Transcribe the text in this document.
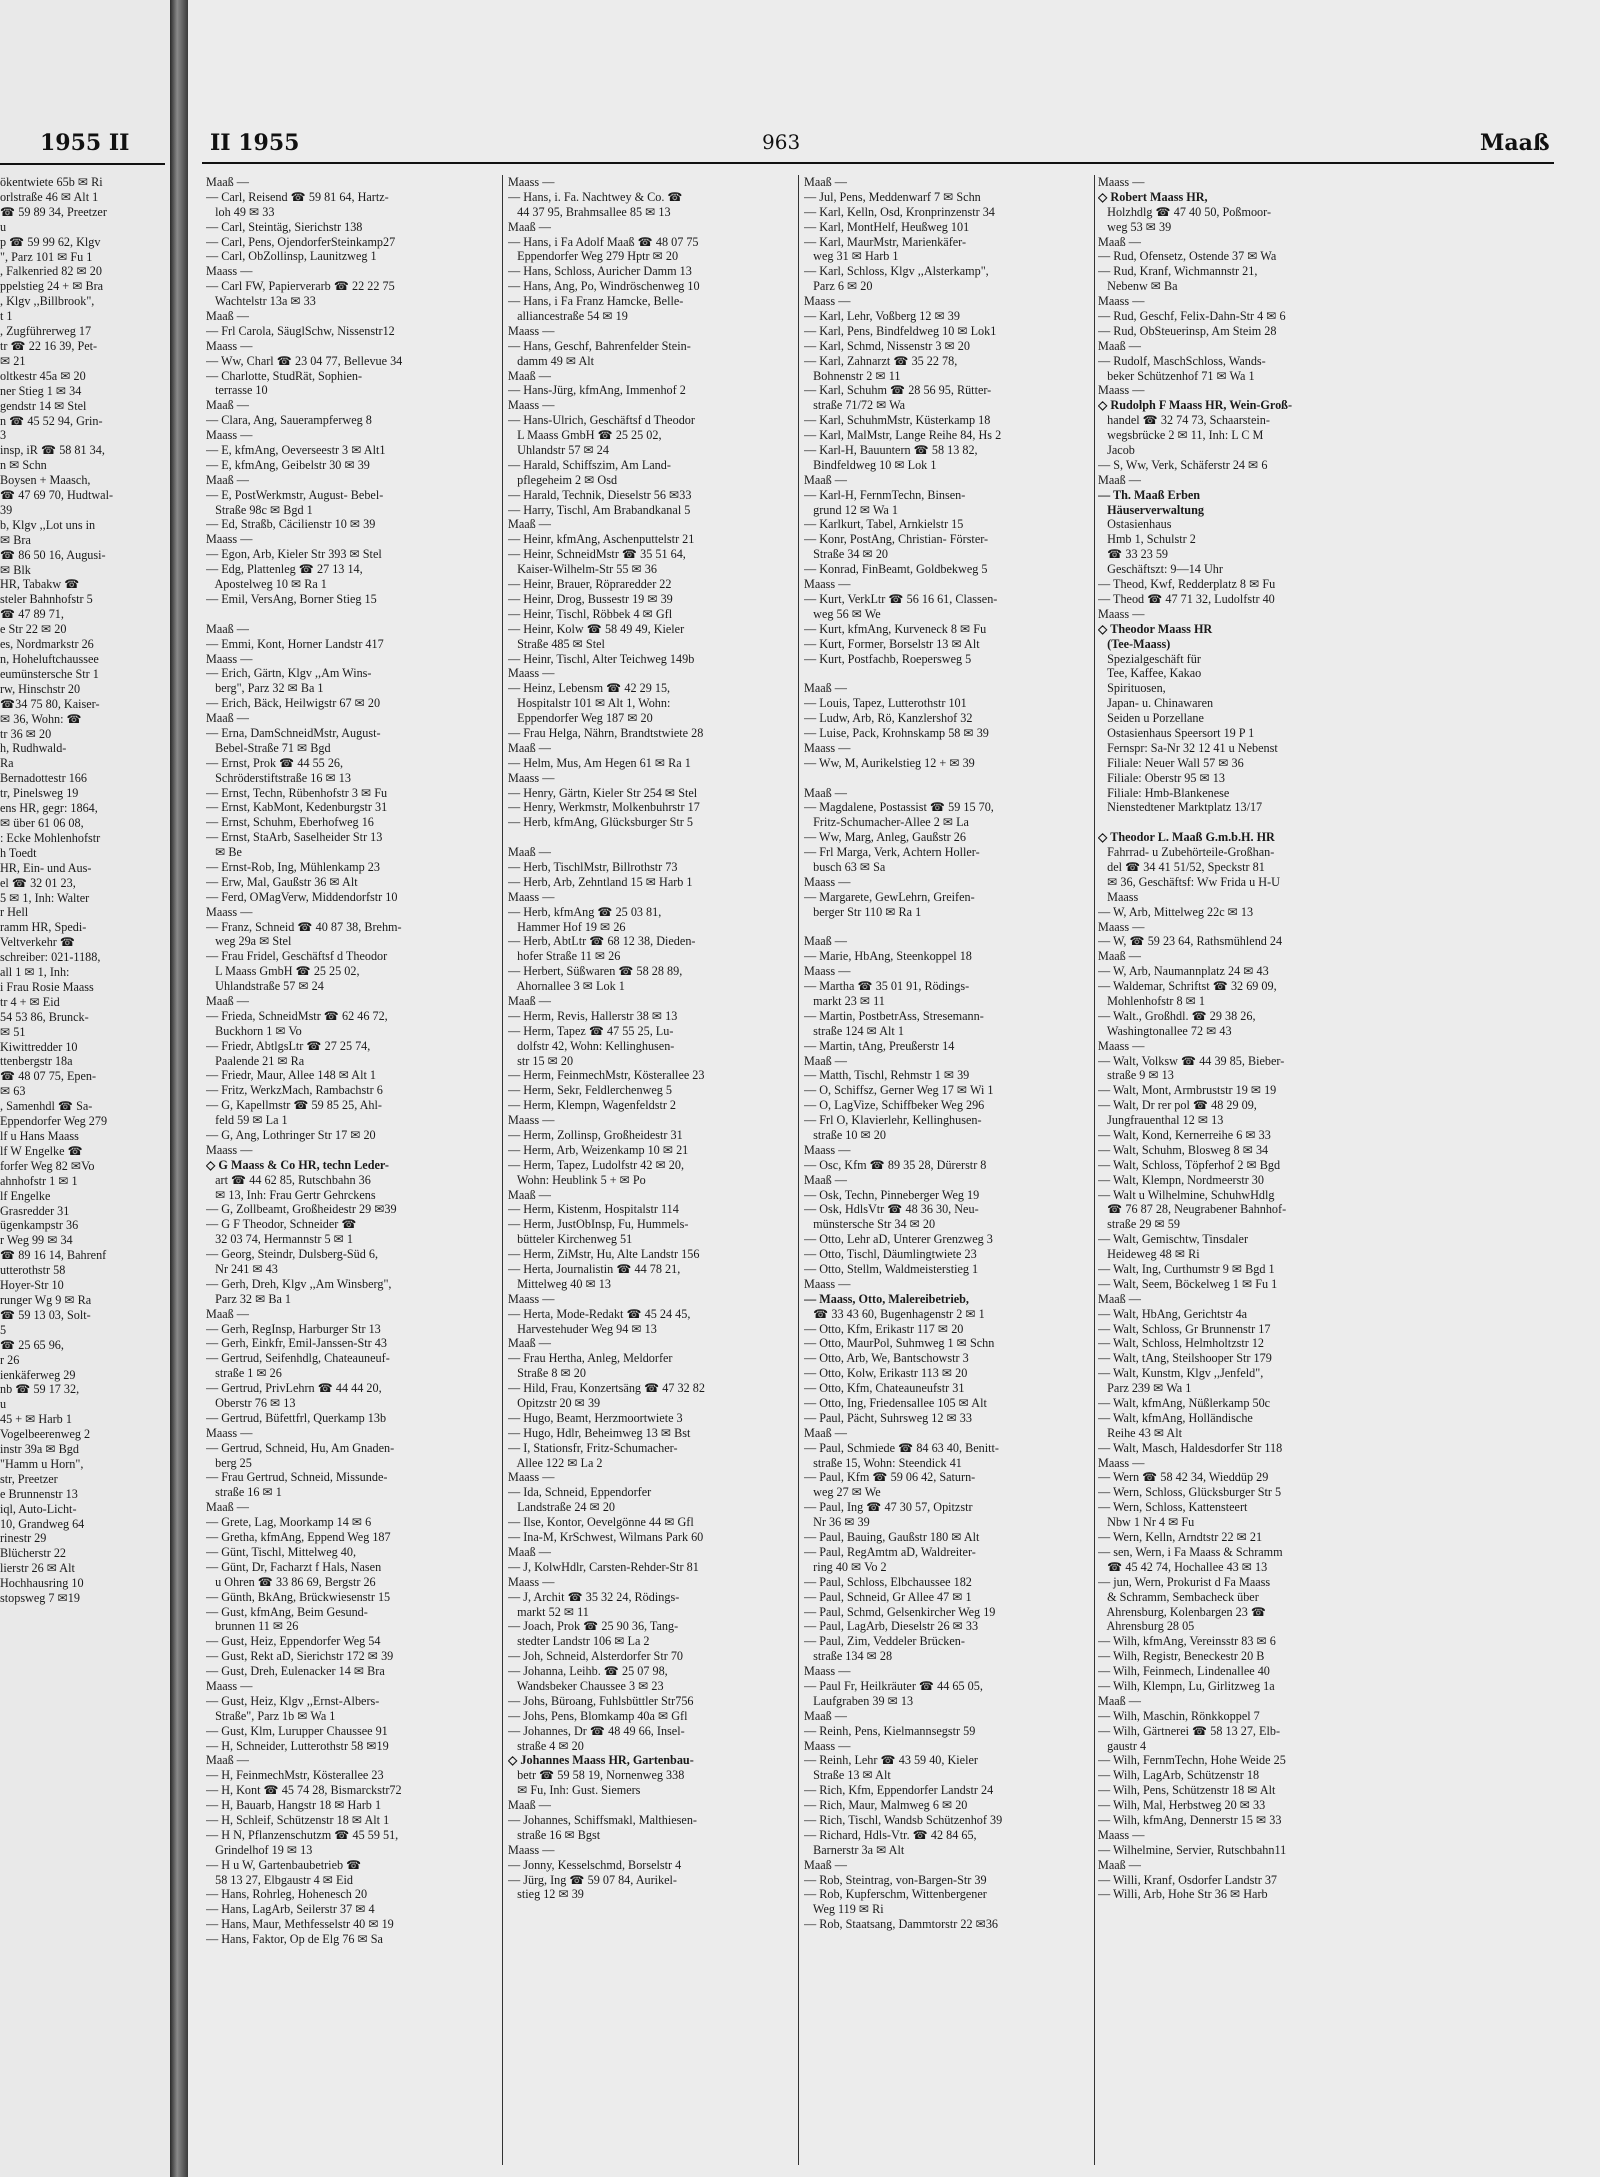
1955 II
ökentwiete 65b ✉ Ri
orlstraße 46 ✉ Alt 1
☎ 59 89 34, Preetzer
u
p ☎ 59 99 62, Klgv
", Parz 101 ✉ Fu 1
, Falkenried 82 ✉ 20
ppelstieg 24 + ✉ Bra
, Klgv ,,Billbrook",
t 1
, Zugführerweg 17
tr ☎ 22 16 39, Pet-
✉ 21
oltkestr 45a ✉ 20
ner Stieg 1 ✉ 34
gendstr 14 ✉ Stel
n ☎ 45 52 94, Grin-
3
insp, iR ☎ 58 81 34,
n ✉ Schn
Boysen + Maasch,
☎ 47 69 70, Hudtwal-
39
b, Klgv ,,Lot uns in
✉ Bra
☎ 86 50 16, Augusi-
✉ Blk
HR, Tabakw ☎
steler Bahnhofstr 5
☎ 47 89 71,
e Str 22 ✉ 20
es, Nordmarkstr 26
n, Hoheluftchaussee
eumünstersche Str 1
rw, Hinschstr 20
☎34 75 80, Kaiser-
✉ 36, Wohn: ☎
tr 36 ✉ 20
h, Rudhwald-
Ra
Bernadottestr 166
tr, Pinelsweg 19
ens HR, gegr: 1864,
✉ über 61 06 08,
: Ecke Mohlenhofstr
h Toedt
HR, Ein- und Aus-
el ☎ 32 01 23,
5 ✉ 1, Inh: Walter
r Hell
ramm HR, Spedi-
Veltverkehr ☎
schreiber: 021-1188,
all 1 ✉ 1, Inh:
i Frau Rosie Maass
tr 4 + ✉ Eid
54 53 86, Brunck-
✉ 51
Kiwittredder 10
ttenbergstr 18a
☎ 48 07 75, Epen-
✉ 63
, Samenhdl ☎ Sa-
Eppendorfer Weg 279
lf u Hans Maass
lf W Engelke ☎
forfer Weg 82 ✉Vo
ahnhofstr 1 ✉ 1
lf Engelke
Grasredder 31
ügenkampstr 36
r Weg 99 ✉ 34
☎ 89 16 14, Bahrenf
utterothstr 58
Hoyer-Str 10
runger Wg 9 ✉ Ra
☎ 59 13 03, Solt-
5
☎ 25 65 96,
r 26
ienkäferweg 29
nb ☎ 59 17 32,
u
45 + ✉ Harb 1
Vogelbeerenweg 2
instr 39a ✉ Bgd
"Hamm u Horn",
str, Preetzer
e Brunnenstr 13
iql, Auto-Licht-
10, Grandweg 64
rinestr 29
Blücherstr 22
lierstr 26 ✉ Alt
Hochhausring 10
stopsweg 7 ✉19
II 1955	963	Maaß
Maaß —
— Carl, Reisend ☎ 59 81 64, Hartz-
loh 49 ✉ 33
— Carl, Steintäg, Sierichstr 138
— Carl, Pens, OjendorferSteinkamp27
— Carl, ObZollinsp, Launitzweg 1
Maass —
— Carl FW, Papierverarb ☎ 22 22 75
Wachtelstr 13a ✉ 33
Maaß —
— Frl Carola, SäuglSchw, Nissenstr12
Maass —
— Ww, Charl ☎ 23 04 77, Bellevue 34
— Charlotte, StudRät, Sophien-
terrasse 10
Maaß —
— Clara, Ang, Sauerampferweg 8
Maass —
— E, kfmAng, Oeverseestr 3 ✉ Alt1
— E, kfmAng, Geibelstr 30 ✉ 39
Maaß —
— E, PostWerkmstr, August- Bebel-
Straße 98c ✉ Bgd 1
— Ed, Straßb, Cäcilienstr 10 ✉ 39
Maass —
— Egon, Arb, Kieler Str 393 ✉ Stel
— Edg, Plattenleg ☎ 27 13 14,
Apostelweg 10 ✉ Ra 1
— Emil, VersAng, Borner Stieg 15
Maaß —
— Emmi, Kont, Horner Landstr 417
Maass —
— Erich, Gärtn, Klgv ,,Am Wins-
berg", Parz 32 ✉ Ba 1
— Erich, Bäck, Heilwigstr 67 ✉ 20
Maaß —
— Erna, DamSchneidMstr, August-
Bebel-Straße 71 ✉ Bgd
— Ernst, Prok ☎ 44 55 26,
Schröderstiftstraße 16 ✉ 13
— Ernst, Techn, Rübenhofstr 3 ✉ Fu
— Ernst, KabMont, Kedenburgstr 31
— Ernst, Schuhm, Eberhofweg 16
— Ernst, StaArb, Saselheider Str 13
✉ Be
— Ernst-Rob, Ing, Mühlenkamp 23
— Erw, Mal, Gaußstr 36 ✉ Alt
— Ferd, OMagVerw, Middendorfstr 10
Maass —
— Franz, Schneid ☎ 40 87 38, Brehm-
weg 29a ✉ Stel
— Frau Fridel, Geschäftsf d Theodor
L Maass GmbH ☎ 25 25 02,
Uhlandstraße 57 ✉ 24
Maaß —
— Frieda, SchneidMstr ☎ 62 46 72,
Buckhorn 1 ✉ Vo
— Friedr, AbtlgsLtr ☎ 27 25 74,
Paalende 21 ✉ Ra
— Friedr, Maur, Allee 148 ✉ Alt 1
— Fritz, WerkzMach, Rambachstr 6
— G, Kapellmstr ☎ 59 85 25, Ahl-
feld 59 ✉ La 1
— G, Ang, Lothringer Str 17 ✉ 20
Maass —
◇ G Maass & Co HR, techn Leder-
art ☎ 44 62 85, Rutschbahn 36
✉ 13, Inh: Frau Gertr Gehrckens
— G, Zollbeamt, Großheidestr 29 ✉39
— G F Theodor, Schneider ☎
32 03 74, Hermannstr 5 ✉ 1
— Georg, Steindr, Dulsberg-Süd 6,
Nr 241 ✉ 43
— Gerh, Dreh, Klgv ,,Am Winsberg",
Parz 32 ✉ Ba 1
Maaß —
— Gerh, RegInsp, Harburger Str 13
— Gerh, Einkfr, Emil-Janssen-Str 43
— Gertrud, Seifenhdlg, Chateauneuf-
straße 1 ✉ 26
— Gertrud, PrivLehrn ☎ 44 44 20,
Oberstr 76 ✉ 13
— Gertrud, Büfettfrl, Querkamp 13b
Maass —
— Gertrud, Schneid, Hu, Am Gnaden-
berg 25
— Frau Gertrud, Schneid, Missunde-
straße 16 ✉ 1
Maaß —
— Grete, Lag, Moorkamp 14 ✉ 6
— Gretha, kfmAng, Eppend Weg 187
— Günt, Tischl, Mittelweg 40,
— Günt, Dr, Facharzt f Hals, Nasen
u Ohren ☎ 33 86 69, Bergstr 26
— Günth, BkAng, Brückwiesenstr 15
— Gust, kfmAng, Beim Gesund-
brunnen 11 ✉ 26
— Gust, Heiz, Eppendorfer Weg 54
— Gust, Rekt aD, Sierichstr 172 ✉ 39
— Gust, Dreh, Eulenacker 14 ✉ Bra
Maass —
— Gust, Heiz, Klgv ,,Ernst-Albers-
Straße", Parz 1b ✉ Wa 1
— Gust, Klm, Lurupper Chaussee 91
— H, Schneider, Lutterothstr 58 ✉19
Maaß —
— H, FeinmechMstr, Kösterallee 23
— H, Kont ☎ 45 74 28, Bismarckstr72
— H, Bauarb, Hangstr 18 ✉ Harb 1
— H, Schleif, Schützenstr 18 ✉ Alt 1
— H N, Pflanzenschutzm ☎ 45 59 51,
Grindelhof 19 ✉ 13
— H u W, Gartenbaubetrieb ☎
58 13 27, Elbgaustr 4 ✉ Eid
— Hans, Rohrleg, Hohenesch 20
— Hans, LagArb, Seilerstr 37 ✉ 4
— Hans, Maur, Methfesselstr 40 ✉ 19
— Hans, Faktor, Op de Elg 76 ✉ Sa
Maass —
— Hans, i. Fa. Nachtwey & Co. ☎
44 37 95, Brahmsallee 85 ✉ 13
Maaß —
— Hans, i Fa Adolf Maaß ☎ 48 07 75
Eppendorfer Weg 279 Hptr ✉ 20
— Hans, Schloss, Auricher Damm 13
— Hans, Ang, Po, Windröschenweg 10
— Hans, i Fa Franz Hamcke, Belle-
alliancestraße 54 ✉ 19
Maass —
— Hans, Geschf, Bahrenfelder Stein-
damm 49 ✉ Alt
Maaß —
— Hans-Jürg, kfmAng, Immenhof 2
Maass —
— Hans-Ulrich, Geschäftsf d Theodor
L Maass GmbH ☎ 25 25 02,
Uhlandstr 57 ✉ 24
— Harald, Schiffszim, Am Land-
pflegeheim 2 ✉ Osd
— Harald, Technik, Dieselstr 56 ✉33
— Harry, Tischl, Am Brabandkanal 5
Maaß —
— Heinr, kfmAng, Aschenputtelstr 21
— Heinr, SchneidMstr ☎ 35 51 64,
Kaiser-Wilhelm-Str 55 ✉ 36
— Heinr, Brauer, Röpraredder 22
— Heinr, Drog, Bussestr 19 ✉ 39
— Heinr, Tischl, Röbbek 4 ✉ Gfl
— Heinr, Kolw ☎ 58 49 49, Kieler
Straße 485 ✉ Stel
— Heinr, Tischl, Alter Teichweg 149b
Maass —
— Heinz, Lebensm ☎ 42 29 15,
Hospitalstr 101 ✉ Alt 1, Wohn:
Eppendorfer Weg 187 ✉ 20
— Frau Helga, Nährn, Brandtstwiete 28
Maaß —
— Helm, Mus, Am Hegen 61 ✉ Ra 1
Maass —
— Henry, Gärtn, Kieler Str 254 ✉ Stel
— Henry, Werkmstr, Molkenbuhrstr 17
— Herb, kfmAng, Glücksburger Str 5
Maaß —
— Herb, TischlMstr, Billrothstr 73
— Herb, Arb, Zehntland 15 ✉ Harb 1
Maass —
— Herb, kfmAng ☎ 25 03 81,
Hammer Hof 19 ✉ 26
— Herb, AbtLtr ☎ 68 12 38, Dieden-
hofer Straße 11 ✉ 26
— Herbert, Süßwaren ☎ 58 28 89,
Ahornallee 3 ✉ Lok 1
Maaß —
— Herm, Revis, Hallerstr 38 ✉ 13
— Herm, Tapez ☎ 47 55 25, Lu-
dolfstr 42, Wohn: Kellinghusen-
str 15 ✉ 20
— Herm, FeinmechMstr, Kösterallee 23
— Herm, Sekr, Feldlerchenweg 5
— Herm, Klempn, Wagenfeldstr 2
Maass —
— Herm, Zollinsp, Großheidestr 31
— Herm, Arb, Weizenkamp 10 ✉ 21
— Herm, Tapez, Ludolfstr 42 ✉ 20,
Wohn: Heublink 5 + ✉ Po
Maaß —
— Herm, Kistenm, Hospitalstr 114
— Herm, JustObInsp, Fu, Hummels-
bütteler Kirchenweg 51
— Herm, ZiMstr, Hu, Alte Landstr 156
— Herta, Journalistin ☎ 44 78 21,
Mittelweg 40 ✉ 13
Maass —
— Herta, Mode-Redakt ☎ 45 24 45,
Harvestehuder Weg 94 ✉ 13
Maaß —
— Frau Hertha, Anleg, Meldorfer
Straße 8 ✉ 20
— Hild, Frau, Konzertsäng ☎ 47 32 82
Opitzstr 20 ✉ 39
— Hugo, Beamt, Herzmoortwiete 3
— Hugo, Hdlr, Beheimweg 13 ✉ Bst
— I, Stationsfr, Fritz-Schumacher-
Allee 122 ✉ La 2
Maass —
— Ida, Schneid, Eppendorfer
Landstraße 24 ✉ 20
— Ilse, Kontor, Oevelgönne 44 ✉ Gfl
— Ina-M, KrSchwest, Wilmans Park 60
Maaß —
— J, KolwHdlr, Carsten-Rehder-Str 81
Maass —
— J, Archit ☎ 35 32 24, Rödings-
markt 52 ✉ 11
— Joach, Prok ☎ 25 90 36, Tang-
stedter Landstr 106 ✉ La 2
— Joh, Schneid, Alsterdorfer Str 70
— Johanna, Leihb. ☎ 25 07 98,
Wandsbeker Chaussee 3 ✉ 23
— Johs, Büroang, Fuhlsbüttler Str756
— Johs, Pens, Blomkamp 40a ✉ Gfl
— Johannes, Dr ☎ 48 49 66, Insel-
straße 4 ✉ 20
◇ Johannes Maass HR, Gartenbau-
betr ☎ 59 58 19, Nornenweg 338
✉ Fu, Inh: Gust. Siemers
Maaß —
— Johannes, Schiffsmakl, Malthiesen-
straße 16 ✉ Bgst
Maass —
— Jonny, Kesselschmd, Borselstr 4
— Jürg, Ing ☎ 59 07 84, Aurikel-
stieg 12 ✉ 39
Maaß —
— Jul, Pens, Meddenwarf 7 ✉ Schn
— Karl, Kelln, Osd, Kronprinzenstr 34
— Karl, MontHelf, Heußweg 101
— Karl, MaurMstr, Marienkäfer-
weg 31 ✉ Harb 1
— Karl, Schloss, Klgv ,,Alsterkamp",
Parz 6 ✉ 20
Maass —
— Karl, Lehr, Voßberg 12 ✉ 39
— Karl, Pens, Bindfeldweg 10 ✉ Lok1
— Karl, Schmd, Nissenstr 3 ✉ 20
— Karl, Zahnarzt ☎ 35 22 78,
Bohnenstr 2 ✉ 11
— Karl, Schuhm ☎ 28 56 95, Rütter-
straße 71/72 ✉ Wa
— Karl, SchuhmMstr, Küsterkamp 18
— Karl, MalMstr, Lange Reihe 84, Hs 2
— Karl-H, Bauuntern ☎ 58 13 82,
Bindfeldweg 10 ✉ Lok 1
Maaß —
— Karl-H, FernmTechn, Binsen-
grund 12 ✉ Wa 1
— Karlkurt, Tabel, Arnkielstr 15
— Konr, PostAng, Christian- Förster-
Straße 34 ✉ 20
— Konrad, FinBeamt, Goldbekweg 5
Maass —
— Kurt, VerkLtr ☎ 56 16 61, Classen-
weg 56 ✉ We
— Kurt, kfmAng, Kurveneck 8 ✉ Fu
— Kurt, Former, Borselstr 13 ✉ Alt
— Kurt, Postfachb, Roepersweg 5
Maaß —
— Louis, Tapez, Lutterothstr 101
— Ludw, Arb, Rö, Kanzlershof 32
— Luise, Pack, Krohnskamp 58 ✉ 39
Maass —
— Ww, M, Aurikelstieg 12 + ✉ 39
Maaß —
— Magdalene, Postassist ☎ 59 15 70,
Fritz-Schumacher-Allee 2 ✉ La
— Ww, Marg, Anleg, Gaußstr 26
— Frl Marga, Verk, Achtern Holler-
busch 63 ✉ Sa
Maass —
— Margarete, GewLehrn, Greifen-
berger Str 110 ✉ Ra 1
Maaß —
— Marie, HbAng, Steenkoppel 18
Maass —
— Martha ☎ 35 01 91, Rödings-
markt 23 ✉ 11
— Martin, PostbetrAss, Stresemann-
straße 124 ✉ Alt 1
— Martin, tAng, Preußerstr 14
Maaß —
— Matth, Tischl, Rehmstr 1 ✉ 39
— O, Schiffsz, Gerner Weg 17 ✉ Wi 1
— O, LagVize, Schiffbeker Weg 296
— Frl O, Klavierlehr, Kellinghusen-
straße 10 ✉ 20
Maass —
— Osc, Kfm ☎ 89 35 28, Dürerstr 8
Maaß —
— Osk, Techn, Pinneberger Weg 19
— Osk, HdlsVtr ☎ 48 36 30, Neu-
münstersche Str 34 ✉ 20
— Otto, Lehr aD, Unterer Grenzweg 3
— Otto, Tischl, Däumlingtwiete 23
— Otto, Stellm, Waldmeisterstieg 1
Maass —
— Maass, Otto, Malereibetrieb,
☎ 33 43 60, Bugenhagenstr 2 ✉ 1
— Otto, Kfm, Erikastr 117 ✉ 20
— Otto, MaurPol, Suhmweg 1 ✉ Schn
— Otto, Arb, We, Bantschowstr 3
— Otto, Kolw, Erikastr 113 ✉ 20
— Otto, Kfm, Chateauneufstr 31
— Otto, Ing, Friedensallee 105 ✉ Alt
— Paul, Pächt, Suhrsweg 12 ✉ 33
Maaß —
— Paul, Schmiede ☎ 84 63 40, Benitt-
straße 15, Wohn: Steendick 41
— Paul, Kfm ☎ 59 06 42, Saturn-
weg 27 ✉ We
— Paul, Ing ☎ 47 30 57, Opitzstr
Nr 36 ✉ 39
— Paul, Bauing, Gaußstr 180 ✉ Alt
— Paul, RegAmtm aD, Waldreiter-
ring 40 ✉ Vo 2
— Paul, Schloss, Elbchaussee 182
— Paul, Schneid, Gr Allee 47 ✉ 1
— Paul, Schmd, Gelsenkircher Weg 19
— Paul, LagArb, Dieselstr 26 ✉ 33
— Paul, Zim, Veddeler Brücken-
straße 134 ✉ 28
Maass —
— Paul Fr, Heilkräuter ☎ 44 65 05,
Laufgraben 39 ✉ 13
Maaß —
— Reinh, Pens, Kielmannsegstr 59
Maass —
— Reinh, Lehr ☎ 43 59 40, Kieler
Straße 13 ✉ Alt
— Rich, Kfm, Eppendorfer Landstr 24
— Rich, Maur, Malmweg 6 ✉ 20
— Rich, Tischl, Wandsb Schützenhof 39
— Richard, Hdls-Vtr. ☎ 42 84 65,
Barnerstr 3a ✉ Alt
Maaß —
— Rob, Steintrag, von-Bargen-Str 39
— Rob, Kupferschm, Wittenbergener
Weg 119 ✉ Ri
— Rob, Staatsang, Dammtorstr 22 ✉36
Maass —
◇ Robert Maass HR,
Holzhdlg ☎ 47 40 50, Poßmoor-
weg 53 ✉ 39
Maaß —
— Rud, Ofensetz, Ostende 37 ✉ Wa
— Rud, Kranf, Wichmannstr 21,
Nebenw ✉ Ba
Maass —
— Rud, Geschf, Felix-Dahn-Str 4 ✉ 6
— Rud, ObSteuerinsp, Am Steim 28
Maaß —
— Rudolf, MaschSchloss, Wands-
beker Schützenhof 71 ✉ Wa 1
Maass —
◇ Rudolph F Maass HR, Wein-Groß-
handel ☎ 32 74 73, Schaarstein-
wegsbrücke 2 ✉ 11, Inh: L C M
Jacob
— S, Ww, Verk, Schäferstr 24 ✉ 6
Maaß —
— Th. Maaß Erben
Häuserverwaltung
Ostasienhaus
Hmb 1, Schulstr 2
☎ 33 23 59
Geschäftszt: 9—14 Uhr
— Theod, Kwf, Redderplatz 8 ✉ Fu
— Theod ☎ 47 71 32, Ludolfstr 40
Maass —
◇ Theodor Maass HR
(Tee-Maass)
Spezialgeschäft für
Tee, Kaffee, Kakao
Spirituosen,
Japan- u. Chinawaren
Seiden u Porzellane
Ostasienhaus Speersort 19 P 1
Fernspr: Sa-Nr 32 12 41 u Nebenst
Filiale: Neuer Wall 57 ✉ 36
Filiale: Oberstr 95 ✉ 13
Filiale: Hmb-Blankenese
Nienstedtener Marktplatz 13/17
◇ Theodor L. Maaß G.m.b.H. HR
Fahrrad- u Zubehörteile-Großhan-
del ☎ 34 41 51/52, Speckstr 81
✉ 36, Geschäftsf: Ww Frida u H-U
Maass
— W, Arb, Mittelweg 22c ✉ 13
Maass —
— W, ☎ 59 23 64, Rathsmühlend 24
Maaß —
— W, Arb, Naumannplatz 24 ✉ 43
— Waldemar, Schriftst ☎ 32 69 09,
Mohlenhofstr 8 ✉ 1
— Walt., Großhdl. ☎ 29 38 26,
Washingtonallee 72 ✉ 43
Maass —
— Walt, Volksw ☎ 44 39 85, Bieber-
straße 9 ✉ 13
— Walt, Mont, Armbruststr 19 ✉ 19
— Walt, Dr rer pol ☎ 48 29 09,
Jungfrauenthal 12 ✉ 13
— Walt, Kond, Kernerreihe 6 ✉ 33
— Walt, Schuhm, Blosweg 8 ✉ 34
— Walt, Schloss, Töpferhof 2 ✉ Bgd
— Walt, Klempn, Nordmeerstr 30
— Walt u Wilhelmine, SchuhwHdlg
☎ 76 87 28, Neugrabener Bahnhof-
straße 29 ✉ 59
— Walt, Gemischtw, Tinsdaler
Heideweg 48 ✉ Ri
— Walt, Ing, Curthumstr 9 ✉ Bgd 1
— Walt, Seem, Böckelweg 1 ✉ Fu 1
Maaß —
— Walt, HbAng, Gerichtstr 4a
— Walt, Schloss, Gr Brunnenstr 17
— Walt, Schloss, Helmholtzstr 12
— Walt, tAng, Steilshooper Str 179
— Walt, Kunstm, Klgv ,,Jenfeld",
Parz 239 ✉ Wa 1
— Walt, kfmAng, Nüßlerkamp 50c
— Walt, kfmAng, Holländische
Reihe 43 ✉ Alt
— Walt, Masch, Haldesdorfer Str 118
Maass —
— Wern ☎ 58 42 34, Wieddüp 29
— Wern, Schloss, Glücksburger Str 5
— Wern, Schloss, Kattensteert
Nbw 1 Nr 4 ✉ Fu
— Wern, Kelln, Arndtstr 22 ✉ 21
— sen, Wern, i Fa Maass & Schramm
☎ 45 42 74, Hochallee 43 ✉ 13
— jun, Wern, Prokurist d Fa Maass
& Schramm, Sembacheck über
Ahrensburg, Kolenbargen 23 ☎
Ahrensburg 28 05
— Wilh, kfmAng, Vereinsstr 83 ✉ 6
— Wilh, Registr, Beneckestr 20 B
— Wilh, Feinmech, Lindenallee 40
— Wilh, Klempn, Lu, Girlitzweg 1a
Maaß —
— Wilh, Maschin, Rönkkoppel 7
— Wilh, Gärtnerei ☎ 58 13 27, Elb-
gaustr 4
— Wilh, FernmTechn, Hohe Weide 25
— Wilh, LagArb, Schützenstr 18
— Wilh, Pens, Schützenstr 18 ✉ Alt
— Wilh, Mal, Herbstweg 20 ✉ 33
— Wilh, kfmAng, Dennerstr 15 ✉ 33
Maass —
— Wilhelmine, Servier, Rutschbahn11
Maaß —
— Willi, Kranf, Osdorfer Landstr 37
— Willi, Arb, Hohe Str 36 ✉ Harb
